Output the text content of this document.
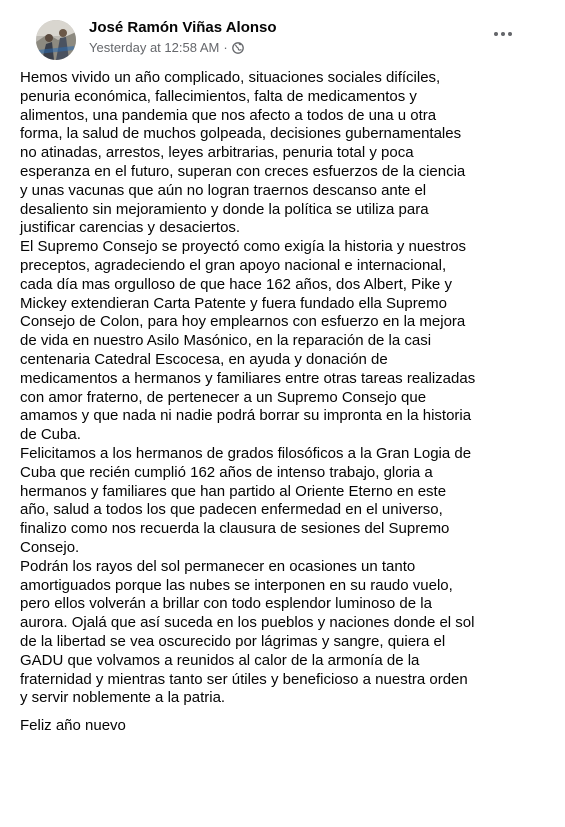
José Ramón Viñas Alonso
Yesterday at 12:58 AM ·

Hemos vivido un año complicado, situaciones sociales difíciles,
penuria económica, fallecimientos, falta de medicamentos y
alimentos, una pandemia que nos afecto a todos de una u otra
forma, la salud de muchos golpeada, decisiones gubernamentales
no atinadas, arrestos, leyes arbitrarias, penuria total y poca
esperanza en el futuro, superan con creces esfuerzos de la ciencia
y unas vacunas que aún no logran traernos descanso ante el
desaliento sin mejoramiento y donde la política se utiliza para
justificar carencias y desaciertos.

El Supremo Consejo se proyectó como exigía la historia y nuestros
preceptos, agradeciendo el gran apoyo nacional e internacional,
cada día mas orgulloso de que hace 162 años, dos Albert, Pike y
Mickey extendieran Carta Patente y fuera fundado ella Supremo
Consejo de Colon, para hoy emplearnos con esfuerzo en la mejora
de vida en nuestro Asilo Masónico, en la reparación de la casi
centenaria Catedral Escocesa, en ayuda y donación de
medicamentos a hermanos y familiares entre otras tareas realizadas
con amor fraterno, de pertenecer a un Supremo Consejo que
amamos y que nada ni nadie podrá borrar su impronta en la historia
de Cuba.

Felicitamos a los hermanos de grados filosóficos a la Gran Logia de
Cuba que recién cumplió 162 años de intenso trabajo, gloria a
hermanos y familiares que han partido al Oriente Eterno en este
año, salud a todos los que padecen enfermedad en el universo,
finalizo como nos recuerda la clausura de sesiones del Supremo
Consejo.

Podrán los rayos del sol permanecer en ocasiones un tanto
amortiguados porque las nubes se interponen en su raudo vuelo,
pero ellos volverán a brillar con todo esplendor luminoso de la
aurora. Ojalá que así suceda en los pueblos y naciones donde el sol
de la libertad se vea oscurecido por lágrimas y sangre, quiera el
GADU que volvamos a reunidos al calor de la armonía de la
fraternidad y mientras tanto ser útiles y beneficioso a nuestra orden
y servir noblemente a la patria.

Feliz año nuevo
